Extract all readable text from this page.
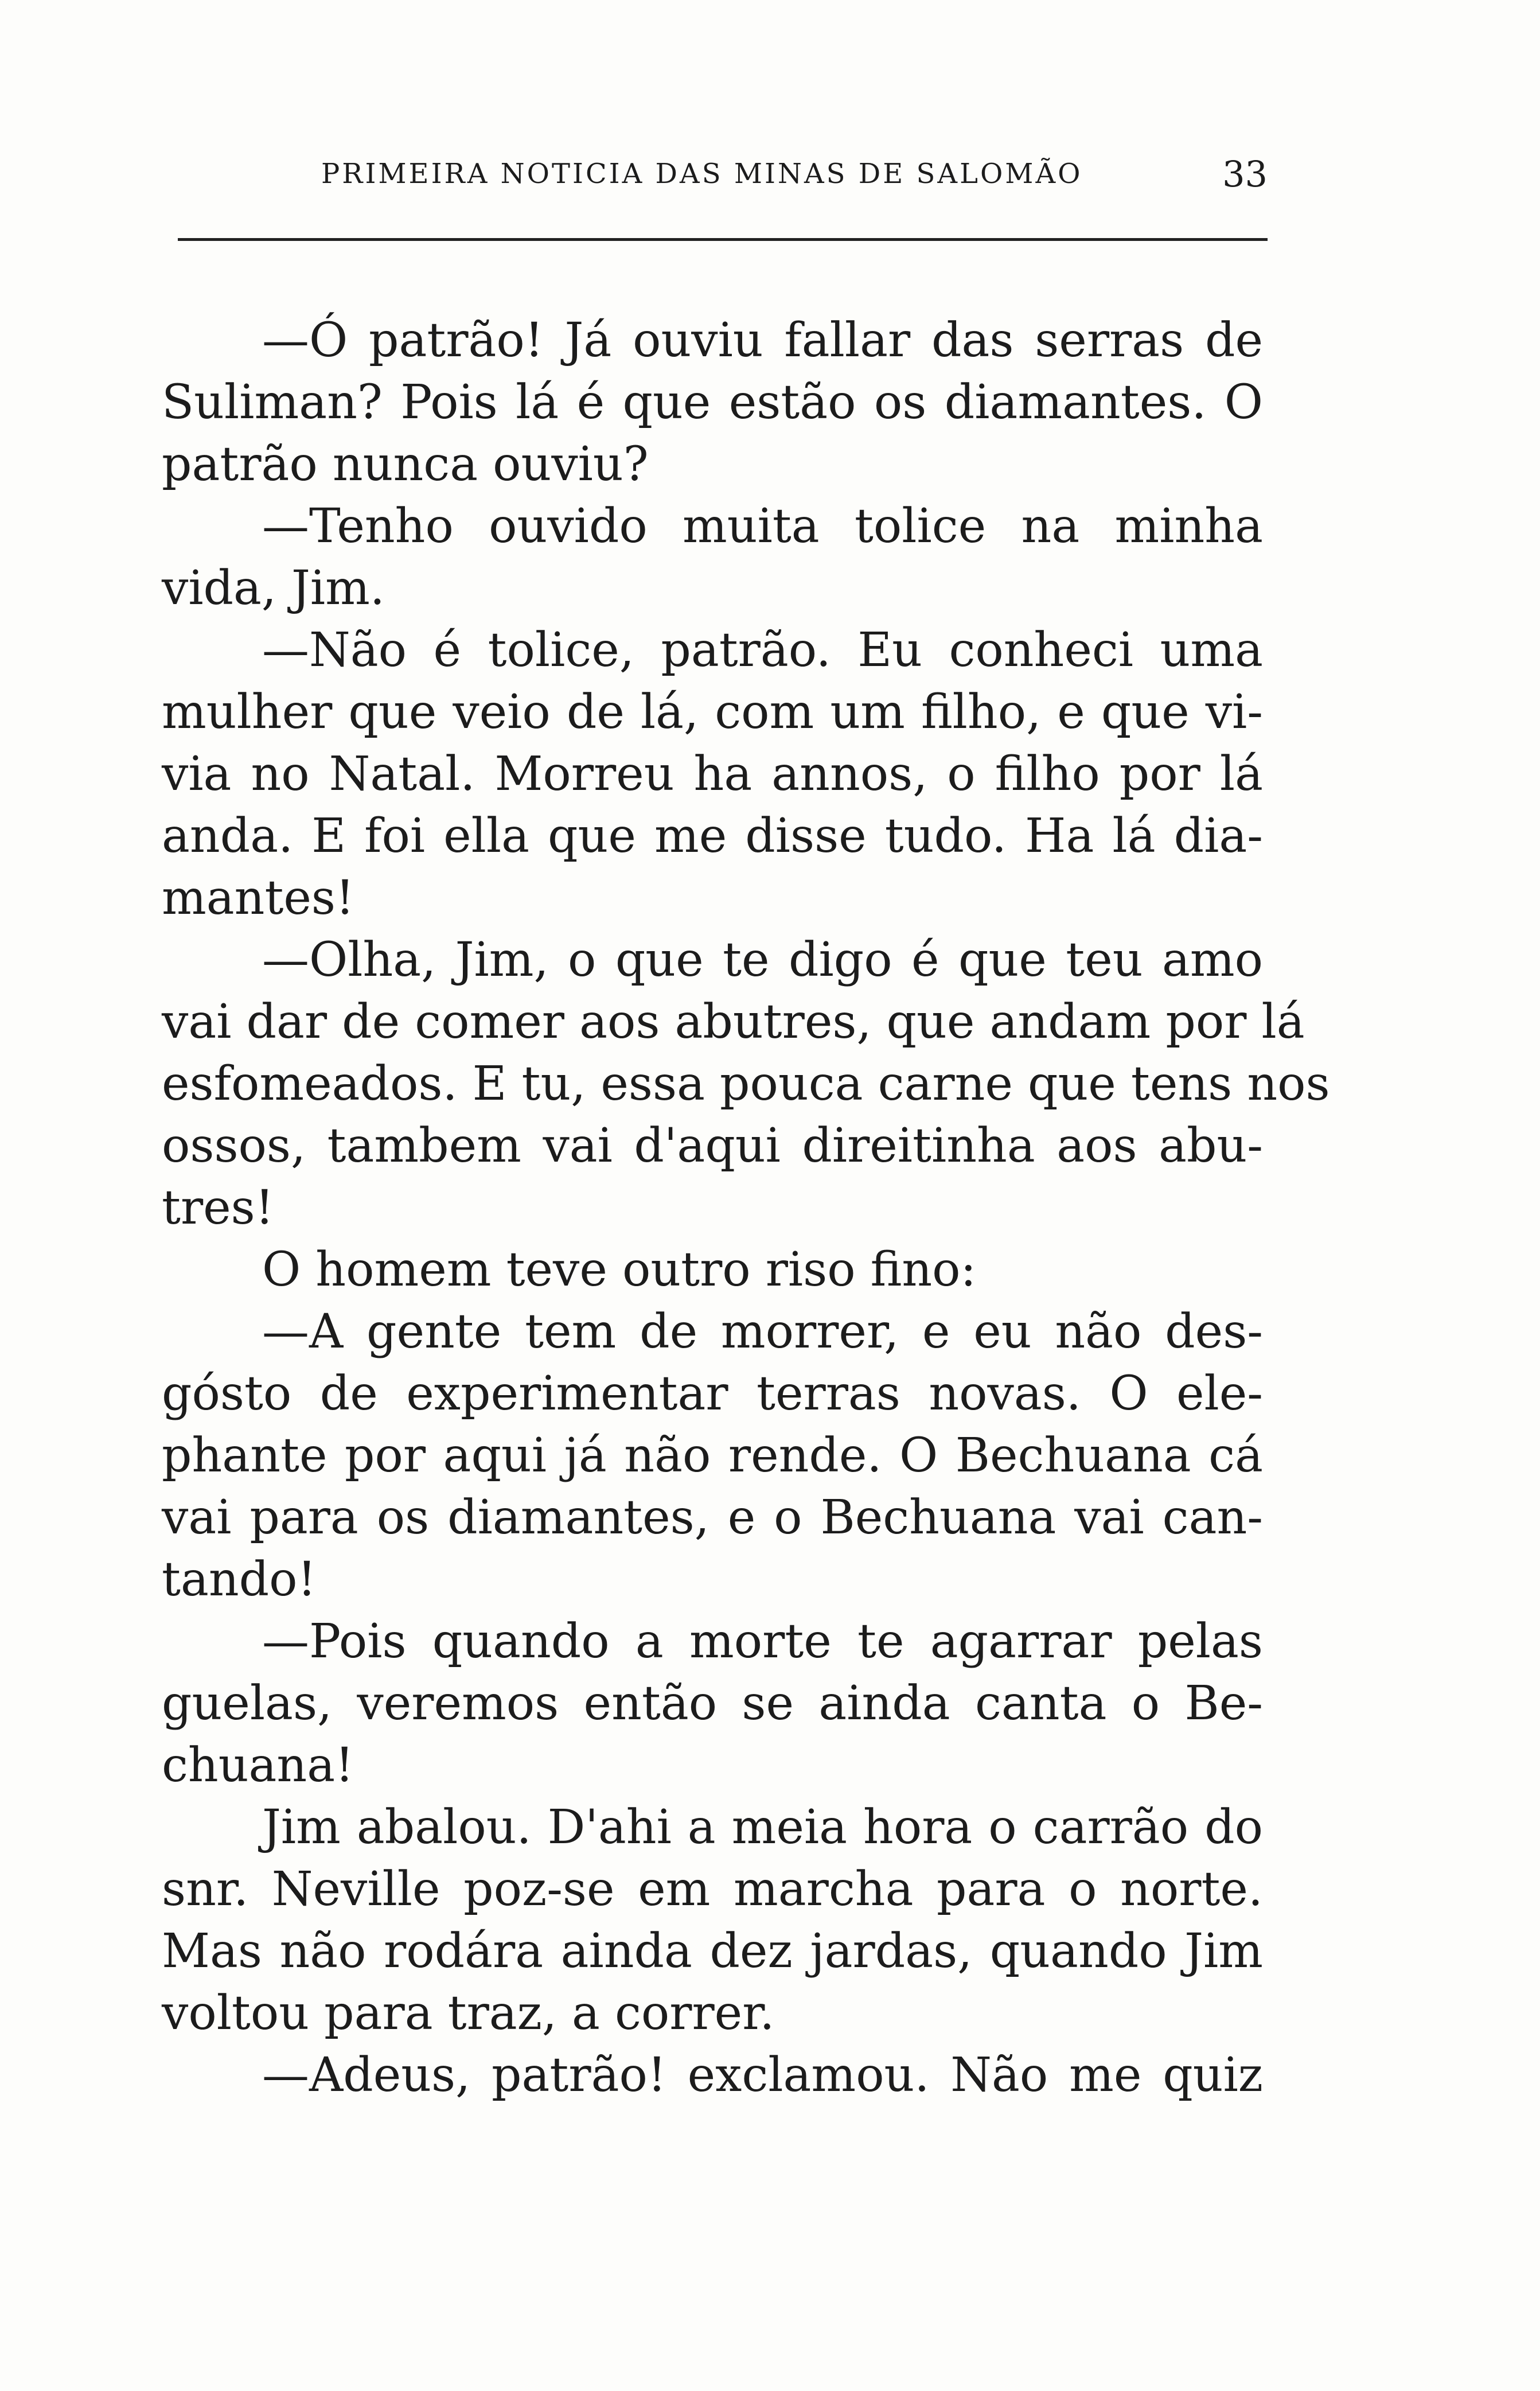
PRIMEIRA NOTICIA DAS MINAS DE SALOMÃO	33
—Ó patrão! Já ouviu fallar das serras de
Suliman? Pois lá é que estão os diamantes. O
patrão nunca ouviu?
—Tenho ouvido muita tolice na minha
vida, Jim.
—Não é tolice, patrão. Eu conheci uma
mulher que veio de lá, com um filho, e que vi-
via no Natal. Morreu ha annos, o filho por lá
anda. E foi ella que me disse tudo. Ha lá dia-
mantes!
—Olha, Jim, o que te digo é que teu amo
vai dar de comer aos abutres, que andam por lá
esfomeados. E tu, essa pouca carne que tens nos
ossos, tambem vai d'aqui direitinha aos abu-
tres!
O homem teve outro riso fino:
—A gente tem de morrer, e eu não des-
gósto de experimentar terras novas. O ele-
phante por aqui já não rende. O Bechuana cá
vai para os diamantes, e o Bechuana vai can-
tando!
—Pois quando a morte te agarrar pelas
guelas, veremos então se ainda canta o Be-
chuana!
Jim abalou. D'ahi a meia hora o carrão do
snr. Neville poz-se em marcha para o norte.
Mas não rodára ainda dez jardas, quando Jim
voltou para traz, a correr.
—Adeus, patrão! exclamou. Não me quiz
